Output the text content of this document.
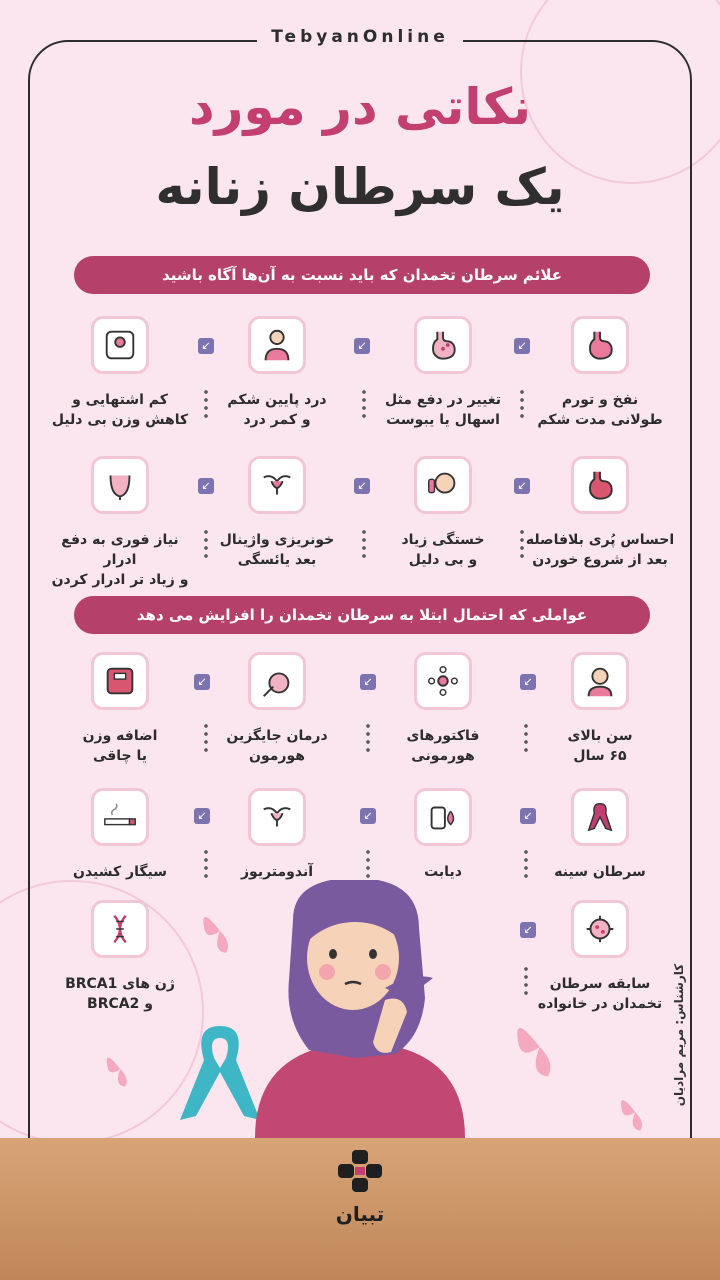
TebyanOnline
نکاتی در مورد
یک سرطان زنانه
علائم سرطان تخمدان که باید نسبت به آن‌ها آگاه باشید
نفخ و تورم
طولانی مدت شکم
تغییر در دفع مثل
اسهال یا یبوست
درد پایین شکم
و کمر درد
کم اشتهایی و
کاهش وزن بی دلیل
احساس پُری بلافاصله
بعد از شروع خوردن
خستگی زیاد
و بی دلیل
خونریزی واژینال
بعد یائسگی
نیاز فوری به دفع ادرار
و زیاد تر ادرار کردن
↙
↙
↙
↙
↙
↙
عواملی که احتمال ابتلا به سرطان تخمدان را افزایش می دهد
سن بالای
۶۵ سال
فاکتورهای
هورمونی
درمان جایگزین
هورمون
اضافه وزن
یا چاقی
سرطان سینه
دیابت
آندومتریوز
سیگار کشیدن
سابقه سرطان
تخمدان در خانواده
ژن های BRCA1
و BRCA2
↙
↙
↙
↙
↙
↙
↙
کارشناس: مریم مرادیان
تبیان
